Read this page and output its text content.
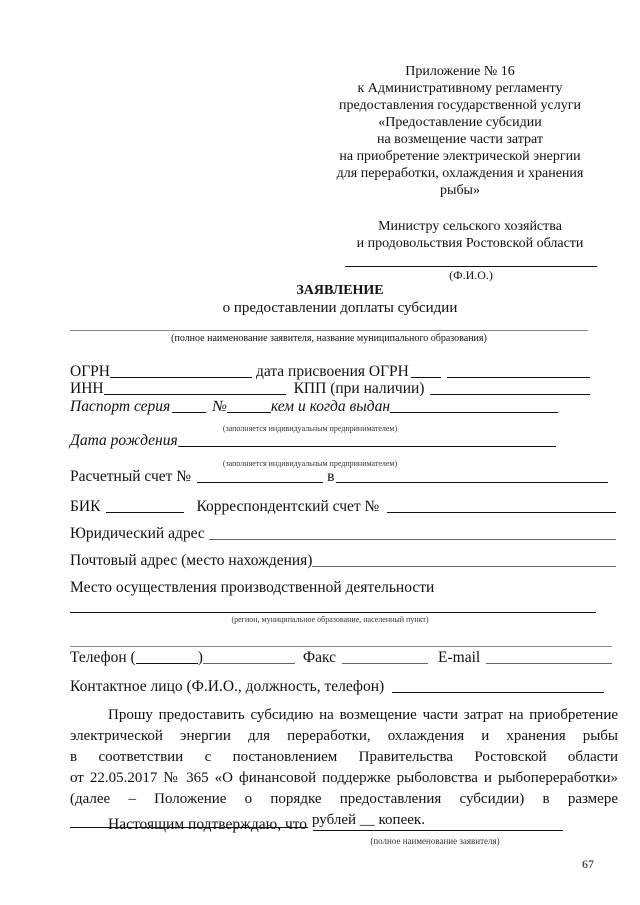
Приложение № 16
к Административному регламенту
предоставления государственной услуги
«Предоставление субсидии
на возмещение части затрат
на приобретение электрической энергии
для переработки, охлаждения и хранения
рыбы»
Министру сельского хозяйства
и продовольствия Ростовской области
(Ф.И.О.)
ЗАЯВЛЕНИЕ
о предоставлении доплаты субсидии
(полное наименование заявителя, название муниципального образования)
ОГРН	дата присвоения ОГРН
ИНН	КПП (при наличии)
Паспорт серия	№	кем и когда выдан
(заполняется индивидуальным предпринимателем)
Дата рождения
(заполняется индивидуальным предпринимателем)
Расчетный счет №	в
БИК	Корреспондентский счет №
Юридический адрес
Почтовый адрес (место нахождения)
Место осуществления производственной деятельности
(регион, муниципальное образование, населенный пункт)
Телефон (	)	Факс	E-mail
Контактное лицо (Ф.И.О., должность, телефон)
Прошу предоставить субсидию на возмещение части затрат на приобретение
электрической энергии для переработки, охлаждения и хранения рыбы
в соответствии с постановлением Правительства Ростовской области
от 22.05.2017 № 365 «О финансовой поддержке рыболовства и рыбопереработки»
(далее – Положение о порядке предоставления субсидии) в размере
рублей __ копеек.
Настоящим подтверждаю, что
(полное наименование заявителя)
67
